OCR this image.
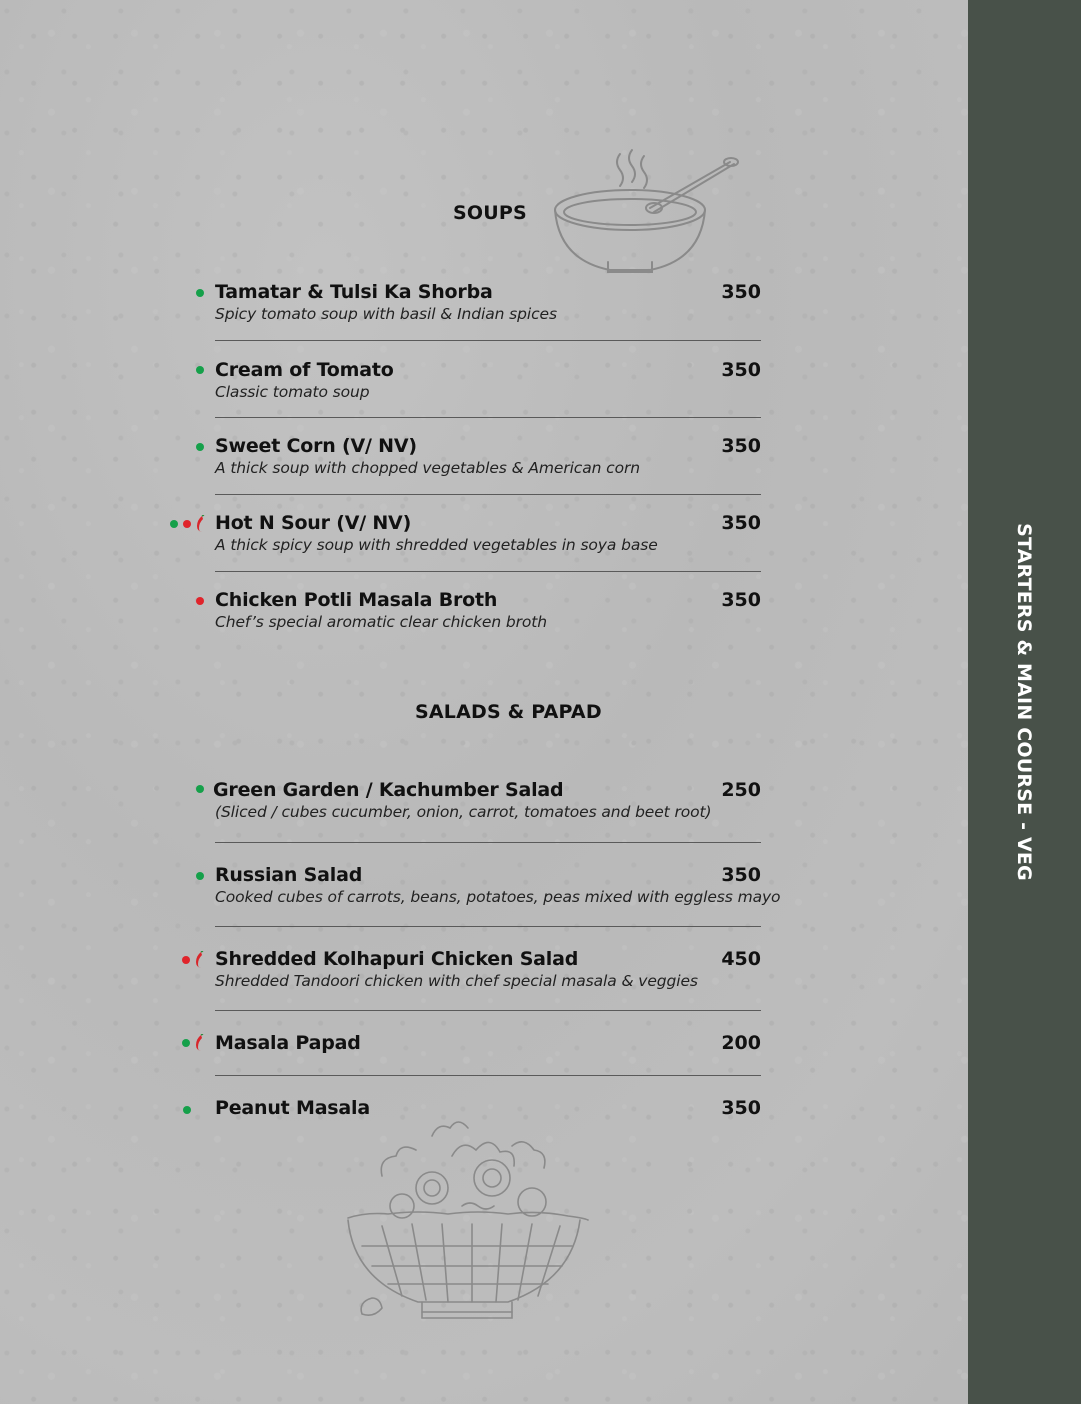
SOUPS
Tamatar & Tulsi Ka Shorba	350
Spicy tomato soup with basil & Indian spices
Cream of Tomato	350
Classic tomato soup
Sweet Corn (V/ NV)	350
A thick soup with chopped vegetables & American corn
Hot N Sour (V/ NV)	350
A thick spicy soup with shredded vegetables in soya base
Chicken Potli Masala Broth	350
Chef’s special aromatic clear chicken broth
SALADS & PAPAD
Green Garden / Kachumber Salad	250
(Sliced / cubes cucumber, onion, carrot, tomatoes and beet root)
Russian Salad	350
Cooked cubes of carrots, beans, potatoes, peas mixed with eggless mayo
Shredded Kolhapuri Chicken Salad	450
Shredded Tandoori chicken with chef special masala & veggies
Masala Papad	200
Peanut Masala	350
STARTERS & MAIN COURSE - VEG
